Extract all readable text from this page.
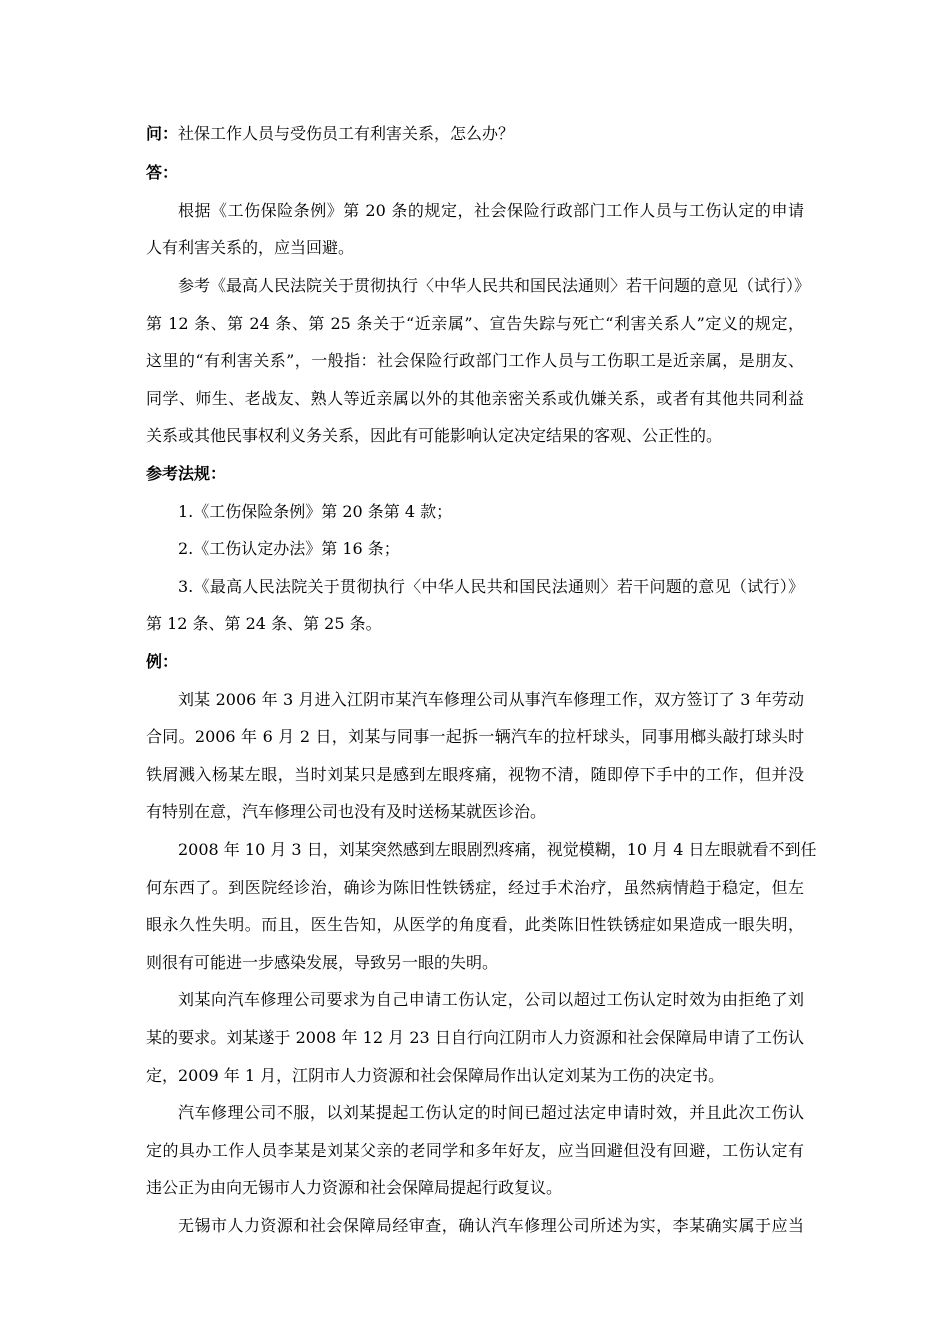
问：社保工作人员与受伤员工有利害关系，怎么办？
答：
根据《工伤保险条例》第 20 条的规定，社会保险行政部门工作人员与工伤认定的申请
人有利害关系的，应当回避。
参考《最高人民法院关于贯彻执行〈中华人民共和国民法通则〉若干问题的意见（试行）》
第 12 条、第 24 条、第 25 条关于“近亲属”、宣告失踪与死亡“利害关系人”定义的规定，
这里的“有利害关系”，一般指：社会保险行政部门工作人员与工伤职工是近亲属，是朋友、
同学、师生、老战友、熟人等近亲属以外的其他亲密关系或仇嫌关系，或者有其他共同利益
关系或其他民事权利义务关系，因此有可能影响认定决定结果的客观、公正性的。
参考法规：
1.《工伤保险条例》第 20 条第 4 款；
2.《工伤认定办法》第 16 条；
3.《最高人民法院关于贯彻执行〈中华人民共和国民法通则〉若干问题的意见（试行）》
第 12 条、第 24 条、第 25 条。
例：
刘某 2006 年 3 月进入江阴市某汽车修理公司从事汽车修理工作，双方签订了 3 年劳动
合同。2006 年 6 月 2 日，刘某与同事一起拆一辆汽车的拉杆球头，同事用榔头敲打球头时
铁屑溅入杨某左眼，当时刘某只是感到左眼疼痛，视物不清，随即停下手中的工作，但并没
有特别在意，汽车修理公司也没有及时送杨某就医诊治。
2008 年 10 月 3 日，刘某突然感到左眼剧烈疼痛，视觉模糊，10 月 4 日左眼就看不到任
何东西了。到医院经诊治，确诊为陈旧性铁锈症，经过手术治疗，虽然病情趋于稳定，但左
眼永久性失明。而且，医生告知，从医学的角度看，此类陈旧性铁锈症如果造成一眼失明，
则很有可能进一步感染发展，导致另一眼的失明。
刘某向汽车修理公司要求为自己申请工伤认定，公司以超过工伤认定时效为由拒绝了刘
某的要求。刘某遂于 2008 年 12 月 23 日自行向江阴市人力资源和社会保障局申请了工伤认
定，2009 年 1 月，江阴市人力资源和社会保障局作出认定刘某为工伤的决定书。
汽车修理公司不服，以刘某提起工伤认定的时间已超过法定申请时效，并且此次工伤认
定的具办工作人员李某是刘某父亲的老同学和多年好友，应当回避但没有回避，工伤认定有
违公正为由向无锡市人力资源和社会保障局提起行政复议。
无锡市人力资源和社会保障局经审查，确认汽车修理公司所述为实，李某确实属于应当
